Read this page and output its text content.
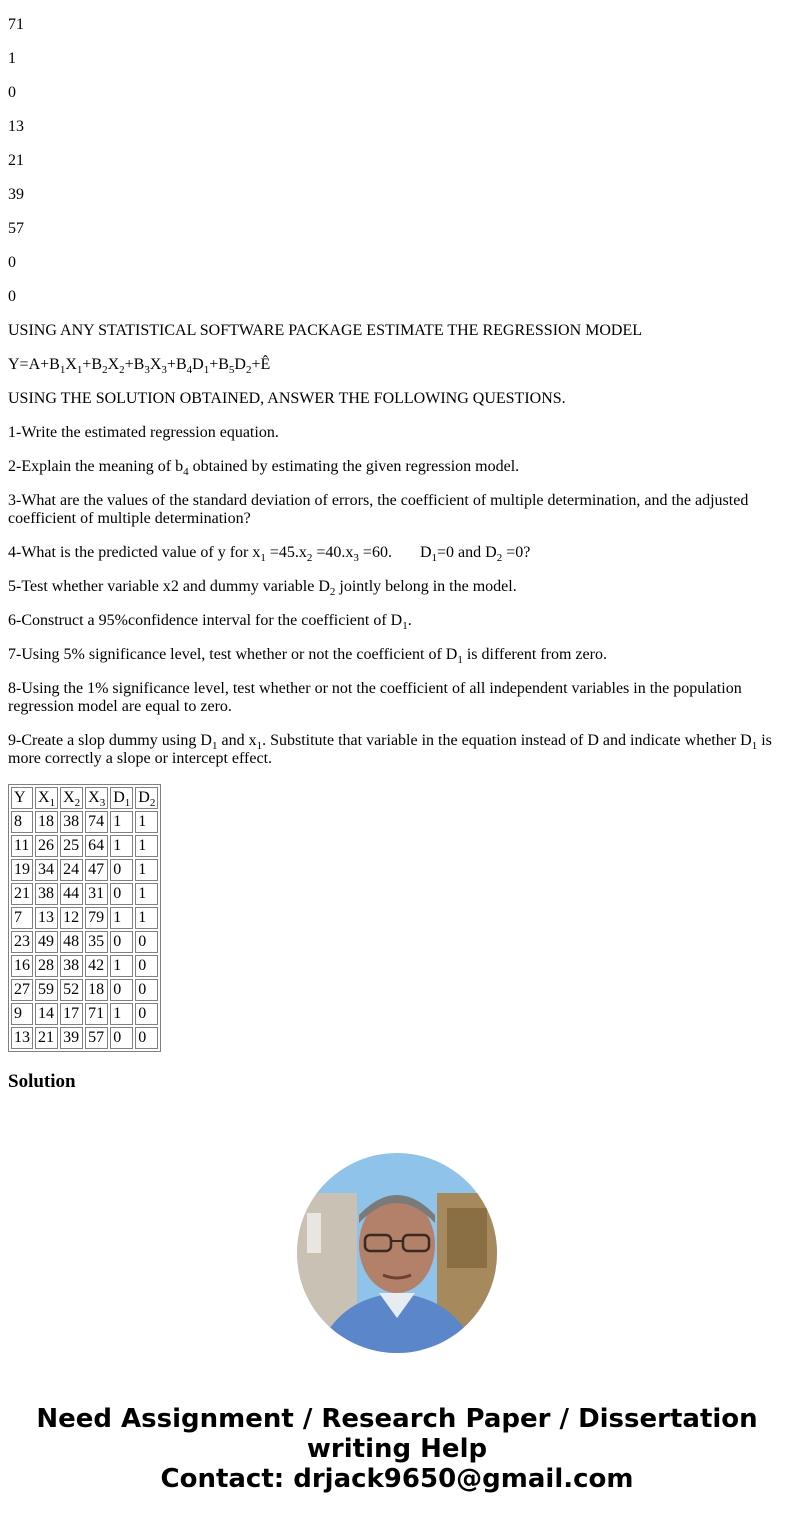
71

1

0

13

21

39

57

0

0

USING ANY STATISTICAL SOFTWARE PACKAGE ESTIMATE THE REGRESSION MODEL

$Y=A+B_1X_1+B_2X_2+B_3X_3+B_4D_1+B_5D_2+Ê$

USING THE SOLUTION OBTAINED, ANSWER THE FOLLOWING QUESTIONS.

1-Write the estimated regression equation.

2-Explain the meaning of $b_4$ obtained by estimating the given regression model.

3-What are the values of the standard deviation of errors, the coefficient of multiple determination, and the adjusted coefficient of multiple determination?

4-What is the predicted value of y for $x_1 =45.x_2 =40.x_3 =60$.       $D_1=0$ and $D_2 =0$?

5-Test whether variable x2 and dummy variable $D_2$ jointly belong in the model.

6-Construct a 95%confidence interval for the coefficient of $D_1$.

7-Using 5% significance level, test whether or not the coefficient of $D_1$ is different from zero.

8-Using the 1% significance level, test whether or not the coefficient of all independent variables in the population regression model are equal to zero.

9-Create a slop dummy using $D_1$ and $x_1$. Substitute that variable in the equation instead of D and indicate whether $D_1$ is more correctly a slope or intercept effect.

Y	$X_1$	$X_2$	$X_3$	$D_1$	$D_2$
8	18	38	74	1	1
11	26	25	64	1	1
19	34	24	47	0	1
21	38	44	31	0	1
7	13	12	79	1	1
23	49	48	35	0	0
16	28	38	42	1	0
27	59	52	18	0	0
9	14	17	71	1	0
13	21	39	57	0	0
Solution
Need Assignment / Research Paper / Dissertation
writing Help
Contact: drjack9650@gmail.com
